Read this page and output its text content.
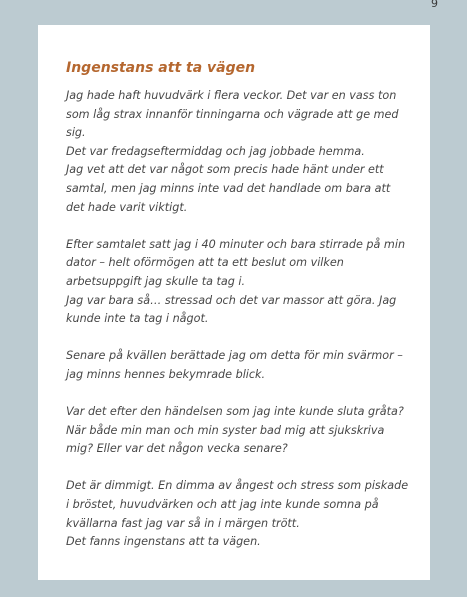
9
Ingenstans att ta vägen
Jag hade haft huvudvärk i flera veckor. Det var en vass ton
som låg strax innanför tinningarna och vägrade att ge med
sig.
Det var fredagseftermiddag och jag jobbade hemma.
Jag vet att det var något som precis hade hänt under ett
samtal, men jag minns inte vad det handlade om bara att
det hade varit viktigt.
Efter samtalet satt jag i 40 minuter och bara stirrade på min
dator – helt oförmögen att ta ett beslut om vilken
arbetsuppgift jag skulle ta tag i.
Jag var bara så… stressad och det var massor att göra. Jag
kunde inte ta tag i något.
Senare på kvällen berättade jag om detta för min svärmor –
jag minns hennes bekymrade blick.
Var det efter den händelsen som jag inte kunde sluta gråta?
När både min man och min syster bad mig att sjukskriva
mig? Eller var det någon vecka senare?
Det är dimmigt. En dimma av ångest och stress som piskade
i bröstet, huvudvärken och att jag inte kunde somna på
kvällarna fast jag var så in i märgen trött.
Det fanns ingenstans att ta vägen.
